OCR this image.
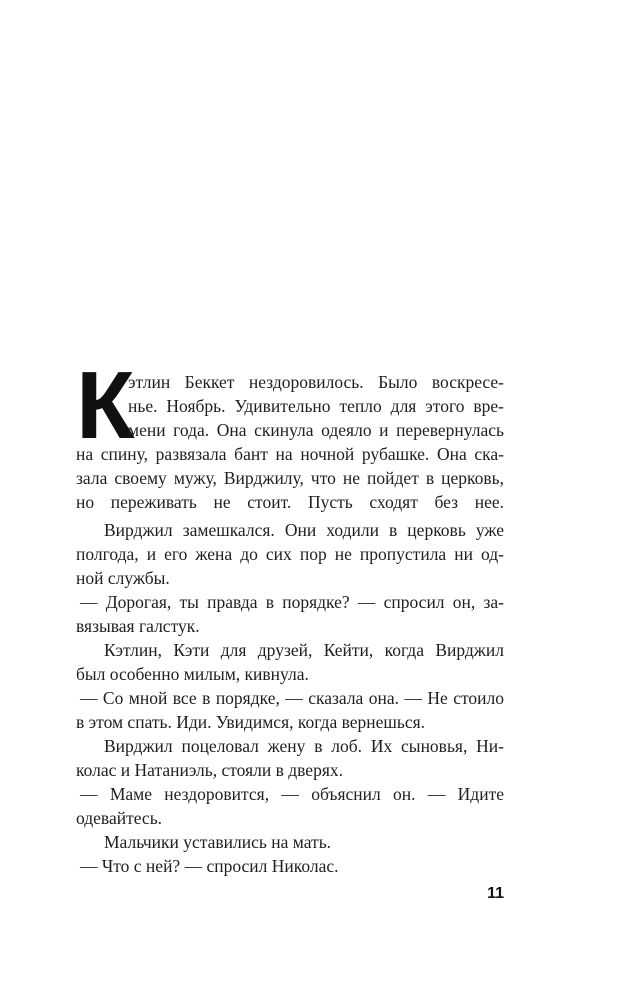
К
этлин Беккет нездоровилось. Было воскресе-
нье. Ноябрь. Удивительно тепло для этого вре-
мени года. Она скинула одеяло и перевернулась
на спину, развязала бант на ночной рубашке. Она ска-
зала своему мужу, Вирджилу, что не пойдет в церковь,
но переживать не стоит. Пусть сходят без нее.
Вирджил замешкался. Они ходили в церковь уже
полгода, и его жена до сих пор не пропустила ни од-
ной службы.
— Дорогая, ты правда в порядке? — спросил он, за-
вязывая галстук.
Кэтлин, Кэти для друзей, Кейти, когда Вирджил
был особенно милым, кивнула.
— Со мной все в порядке, — сказала она. — Не стоило
в этом спать. Иди. Увидимся, когда вернешься.
Вирджил поцеловал жену в лоб. Их сыновья, Ни-
колас и Натаниэль, стояли в дверях.
— Маме нездоровится, — объяснил он. — Идите
одевайтесь.
Мальчики уставились на мать.
— Что с ней? — спросил Николас.
11
